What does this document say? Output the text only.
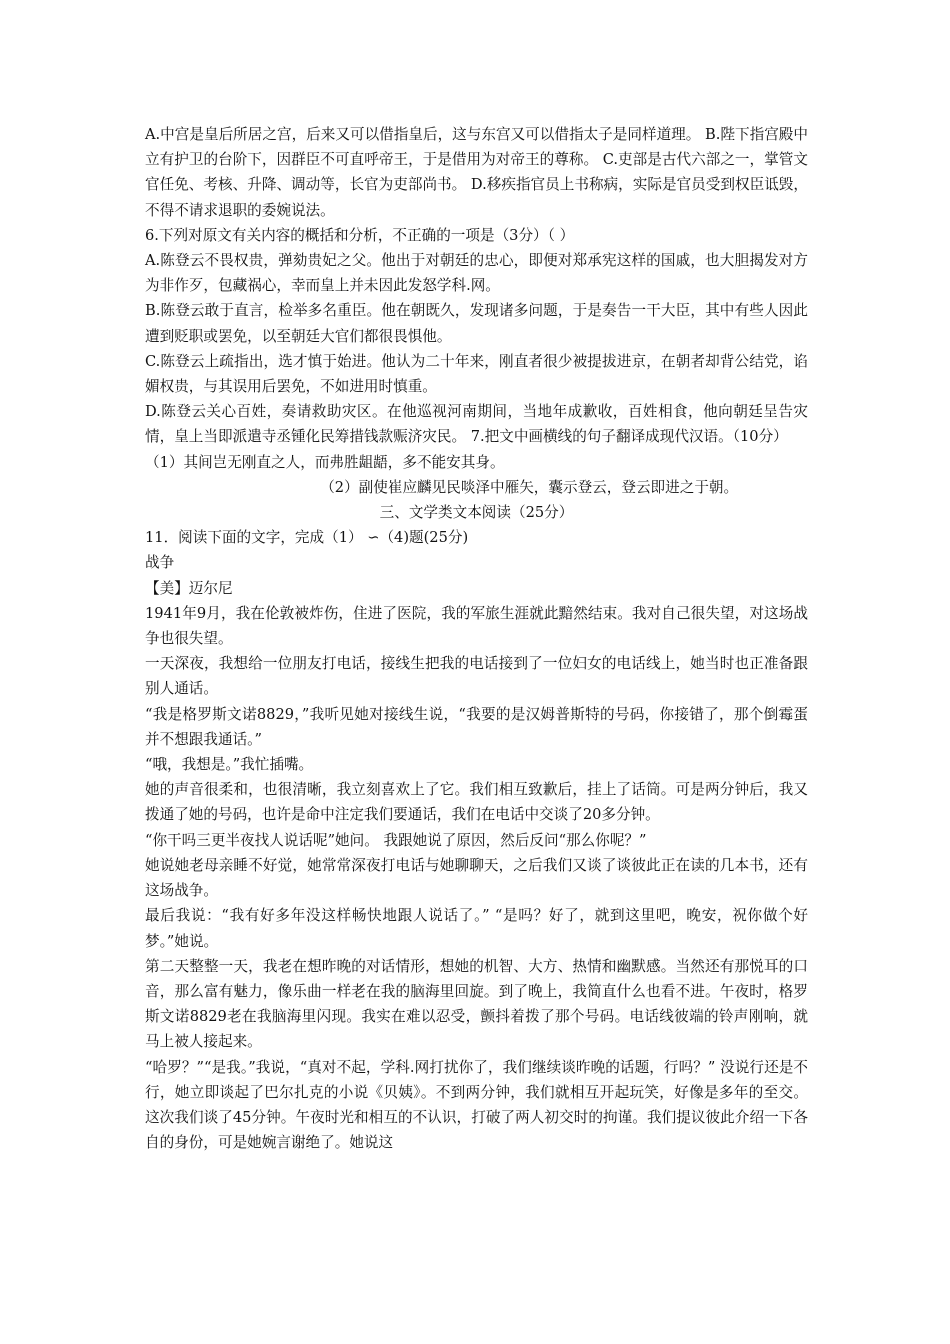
A.中宫是皇后所居之宫，后来又可以借指皇后，这与东宫又可以借指太子是同样道理。 B.陛下指宫殿中立有护卫的台阶下，因群臣不可直呼帝王，于是借用为对帝王的尊称。 C.吏部是古代六部之一，掌管文官任免、考核、升降、调动等，长官为吏部尚书。 D.移疾指官员上书称病，实际是官员受到权臣诋毁，不得不请求退职的委婉说法。

6.下列对原文有关内容的概括和分析，不正确的一项是（3分）（ ）

A.陈登云不畏权贵，弹劾贵妃之父。他出于对朝廷的忠心，即便对郑承宪这样的国戚，也大胆揭发对方为非作歹，包藏祸心，幸而皇上并未因此发怒学科.网。

B.陈登云敢于直言，检举多名重臣。他在朝既久，发现诸多问题，于是奏告一干大臣，其中有些人因此遭到贬职或罢免，以至朝廷大官们都很畏惧他。

C.陈登云上疏指出，选才慎于始进。他认为二十年来，刚直者很少被提拔进京，在朝者却背公结党，谄媚权贵，与其误用后罢免，不如进用时慎重。

D.陈登云关心百姓，奏请救助灾区。在他巡视河南期间，当地年成歉收，百姓相食，他向朝廷呈告灾情，皇上当即派遣寺丞锺化民筹措钱款赈济灾民。 7.把文中画横线的句子翻译成现代汉语。（10分）

（1）其间岂无刚直之人，而弗胜龃龉，多不能安其身。

（2）副使崔应麟见民啖泽中雁矢，囊示登云，登云即进之于朝。

三、文学类文本阅读（25分）

11．阅读下面的文字，完成（1） ∽（4)题(25分)

战争

【美】迈尔尼

1941年9月，我在伦敦被炸伤，住进了医院，我的军旅生涯就此黯然结束。我对自己很失望，对这场战争也很失望。

一天深夜，我想给一位朋友打电话，接线生把我的电话接到了一位妇女的电话线上，她当时也正准备跟别人通话。

“我是格罗斯文诺8829，”我听见她对接线生说，“我要的是汉姆普斯特的号码，你接错了，那个倒霉蛋并不想跟我通话。”

“哦，我想是。”我忙插嘴。

她的声音很柔和，也很清晰，我立刻喜欢上了它。我们相互致歉后，挂上了话筒。可是两分钟后，我又拨通了她的号码，也许是命中注定我们要通话，我们在电话中交谈了20多分钟。

“你干吗三更半夜找人说话呢”她问。 我跟她说了原因，然后反问“那么你呢？”

她说她老母亲睡不好觉，她常常深夜打电话与她聊聊天，之后我们又谈了谈彼此正在读的几本书，还有这场战争。

最后我说：“我有好多年没这样畅快地跟人说话了。” “是吗？好了，就到这里吧，晚安，祝你做个好梦。”她说。

第二天整整一天，我老在想昨晚的对话情形，想她的机智、大方、热情和幽默感。当然还有那悦耳的口音，那么富有魅力，像乐曲一样老在我的脑海里回旋。到了晚上，我简直什么也看不进。午夜时，格罗斯文诺8829老在我脑海里闪现。我实在难以忍受，颤抖着拨了那个号码。电话线彼端的铃声刚响，就马上被人接起来。

“哈罗？”“是我。”我说，“真对不起，学科.网打扰你了，我们继续谈昨晚的话题，行吗？” 没说行还是不行，她立即谈起了巴尔扎克的小说《贝姨》。不到两分钟，我们就相互开起玩笑，好像是多年的至交。这次我们谈了45分钟。午夜时光和相互的不认识，打破了两人初交时的拘谨。我们提议彼此介绍一下各自的身份，可是她婉言谢绝了。她说这
